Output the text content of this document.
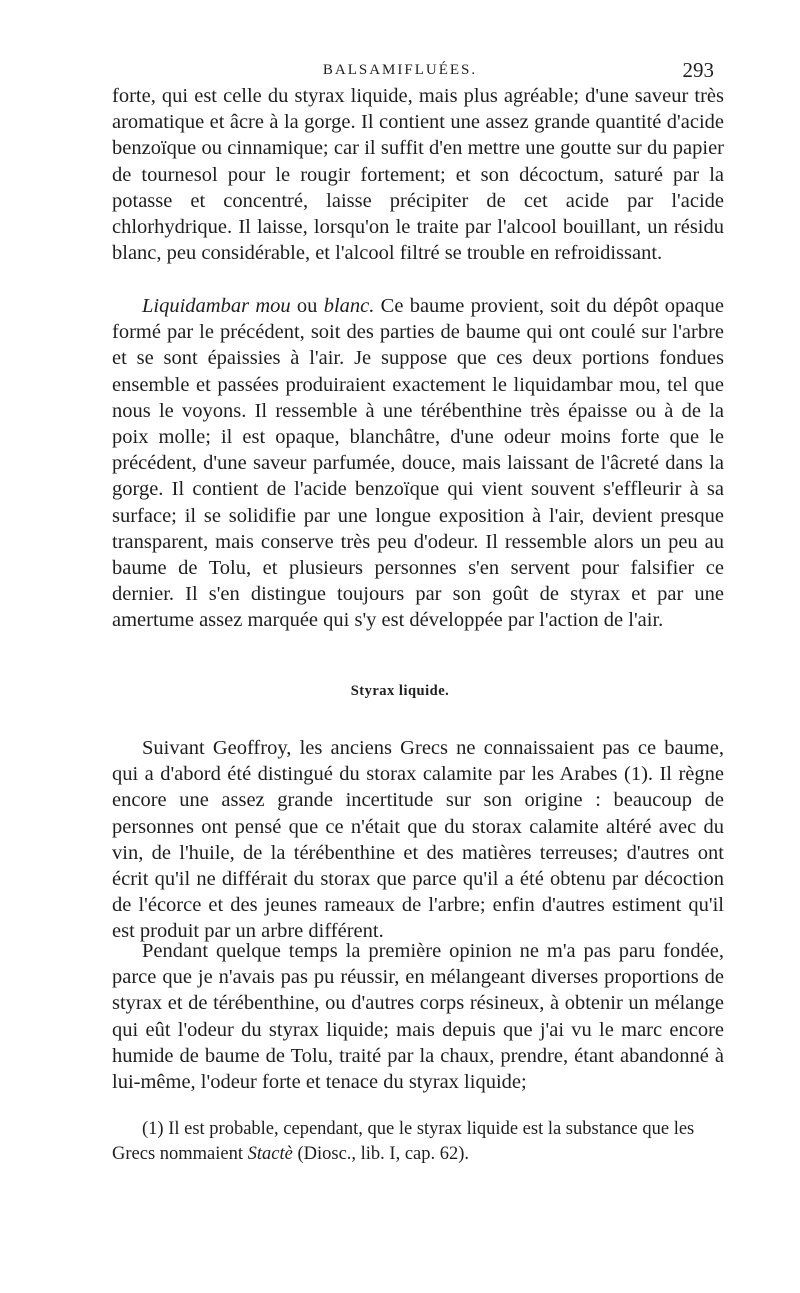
BALSAMIFLUÉES.	293

forte, qui est celle du styrax liquide, mais plus agréable; d'une saveur très aromatique et âcre à la gorge. Il contient une assez grande quantité d'acide benzoïque ou cinnamique; car il suffit d'en mettre une goutte sur du papier de tournesol pour le rougir fortement; et son décoctum, saturé par la potasse et concentré, laisse précipiter de cet acide par l'acide chlorhydrique. Il laisse, lorsqu'on le traite par l'alcool bouillant, un résidu blanc, peu considérable, et l'alcool filtré se trouble en refroidissant.

Liquidambar mou ou blanc. Ce baume provient, soit du dépôt opaque formé par le précédent, soit des parties de baume qui ont coulé sur l'arbre et se sont épaissies à l'air. Je suppose que ces deux portions fondues ensemble et passées produiraient exactement le liquidambar mou, tel que nous le voyons. Il ressemble à une térébenthine très épaisse ou à de la poix molle; il est opaque, blanchâtre, d'une odeur moins forte que le précédent, d'une saveur parfumée, douce, mais laissant de l'âcreté dans la gorge. Il contient de l'acide benzoïque qui vient souvent s'effleurir à sa surface; il se solidifie par une longue exposition à l'air, devient presque transparent, mais conserve très peu d'odeur. Il ressemble alors un peu au baume de Tolu, et plusieurs personnes s'en servent pour falsifier ce dernier. Il s'en distingue toujours par son goût de styrax et par une amertume assez marquée qui s'y est développée par l'action de l'air.

Styrax liquide.

Suivant Geoffroy, les anciens Grecs ne connaissaient pas ce baume, qui a d'abord été distingué du storax calamite par les Arabes (1). Il règne encore une assez grande incertitude sur son origine : beaucoup de personnes ont pensé que ce n'était que du storax calamite altéré avec du vin, de l'huile, de la térébenthine et des matières terreuses; d'autres ont écrit qu'il ne différait du storax que parce qu'il a été obtenu par décoction de l'écorce et des jeunes rameaux de l'arbre; enfin d'autres estiment qu'il est produit par un arbre différent.

Pendant quelque temps la première opinion ne m'a pas paru fondée, parce que je n'avais pas pu réussir, en mélangeant diverses proportions de styrax et de térébenthine, ou d'autres corps résineux, à obtenir un mélange qui eût l'odeur du styrax liquide; mais depuis que j'ai vu le marc encore humide de baume de Tolu, traité par la chaux, prendre, étant abandonné à lui-même, l'odeur forte et tenace du styrax liquide;

(1) Il est probable, cependant, que le styrax liquide est la substance que les Grecs nommaient Stactè (Diosc., lib. I, cap. 62).
